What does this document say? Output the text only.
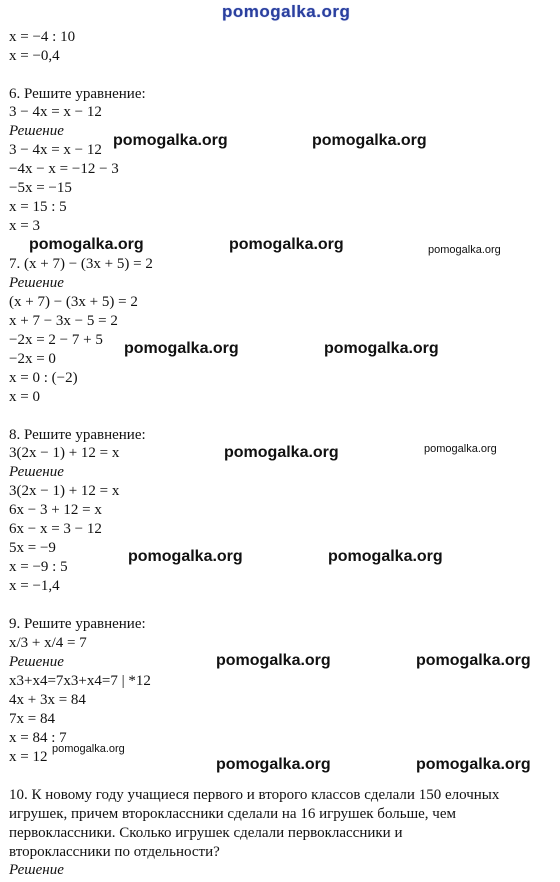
pomogalka.org
x = −4 : 10
x = −0,4
6. Решите уравнение:
3 − 4x = x − 12
Решение
3 − 4x = x − 12
−4x − x = −12 − 3
−5x = −15
x = 15 : 5
x = 3
7. (x + 7) − (3x + 5) = 2
Решение
(x + 7) − (3x + 5) = 2
x + 7 − 3x − 5 = 2
−2x = 2 − 7 + 5
−2x = 0
x = 0 : (−2)
x = 0
8. Решите уравнение:
3(2x − 1) + 12 = x
Решение
3(2x − 1) + 12 = x
6x − 3 + 12 = x
6x − x = 3 − 12
5x = −9
x = −9 : 5
x = −1,4
9. Решите уравнение:
x/3 + x/4 = 7
Решение
x3+x4=7x3+x4=7 | *12
4x + 3x = 84
7x = 84
x = 84 : 7
x = 12
10. К новому году учащиеся первого и второго классов сделали 150 елочных
игрушек, причем второклассники сделали на 16 игрушек больше, чем
первоклассники. Сколько игрушек сделали первоклассники и
второклассники по отдельности?
Решение
pomogalka.org	pomogalka.org
pomogalka.org	pomogalka.org	pomogalka.org
pomogalka.org	pomogalka.org
pomogalka.org	pomogalka.org
pomogalka.org	pomogalka.org
pomogalka.org	pomogalka.org
pomogalka.org
pomogalka.org	pomogalka.org
